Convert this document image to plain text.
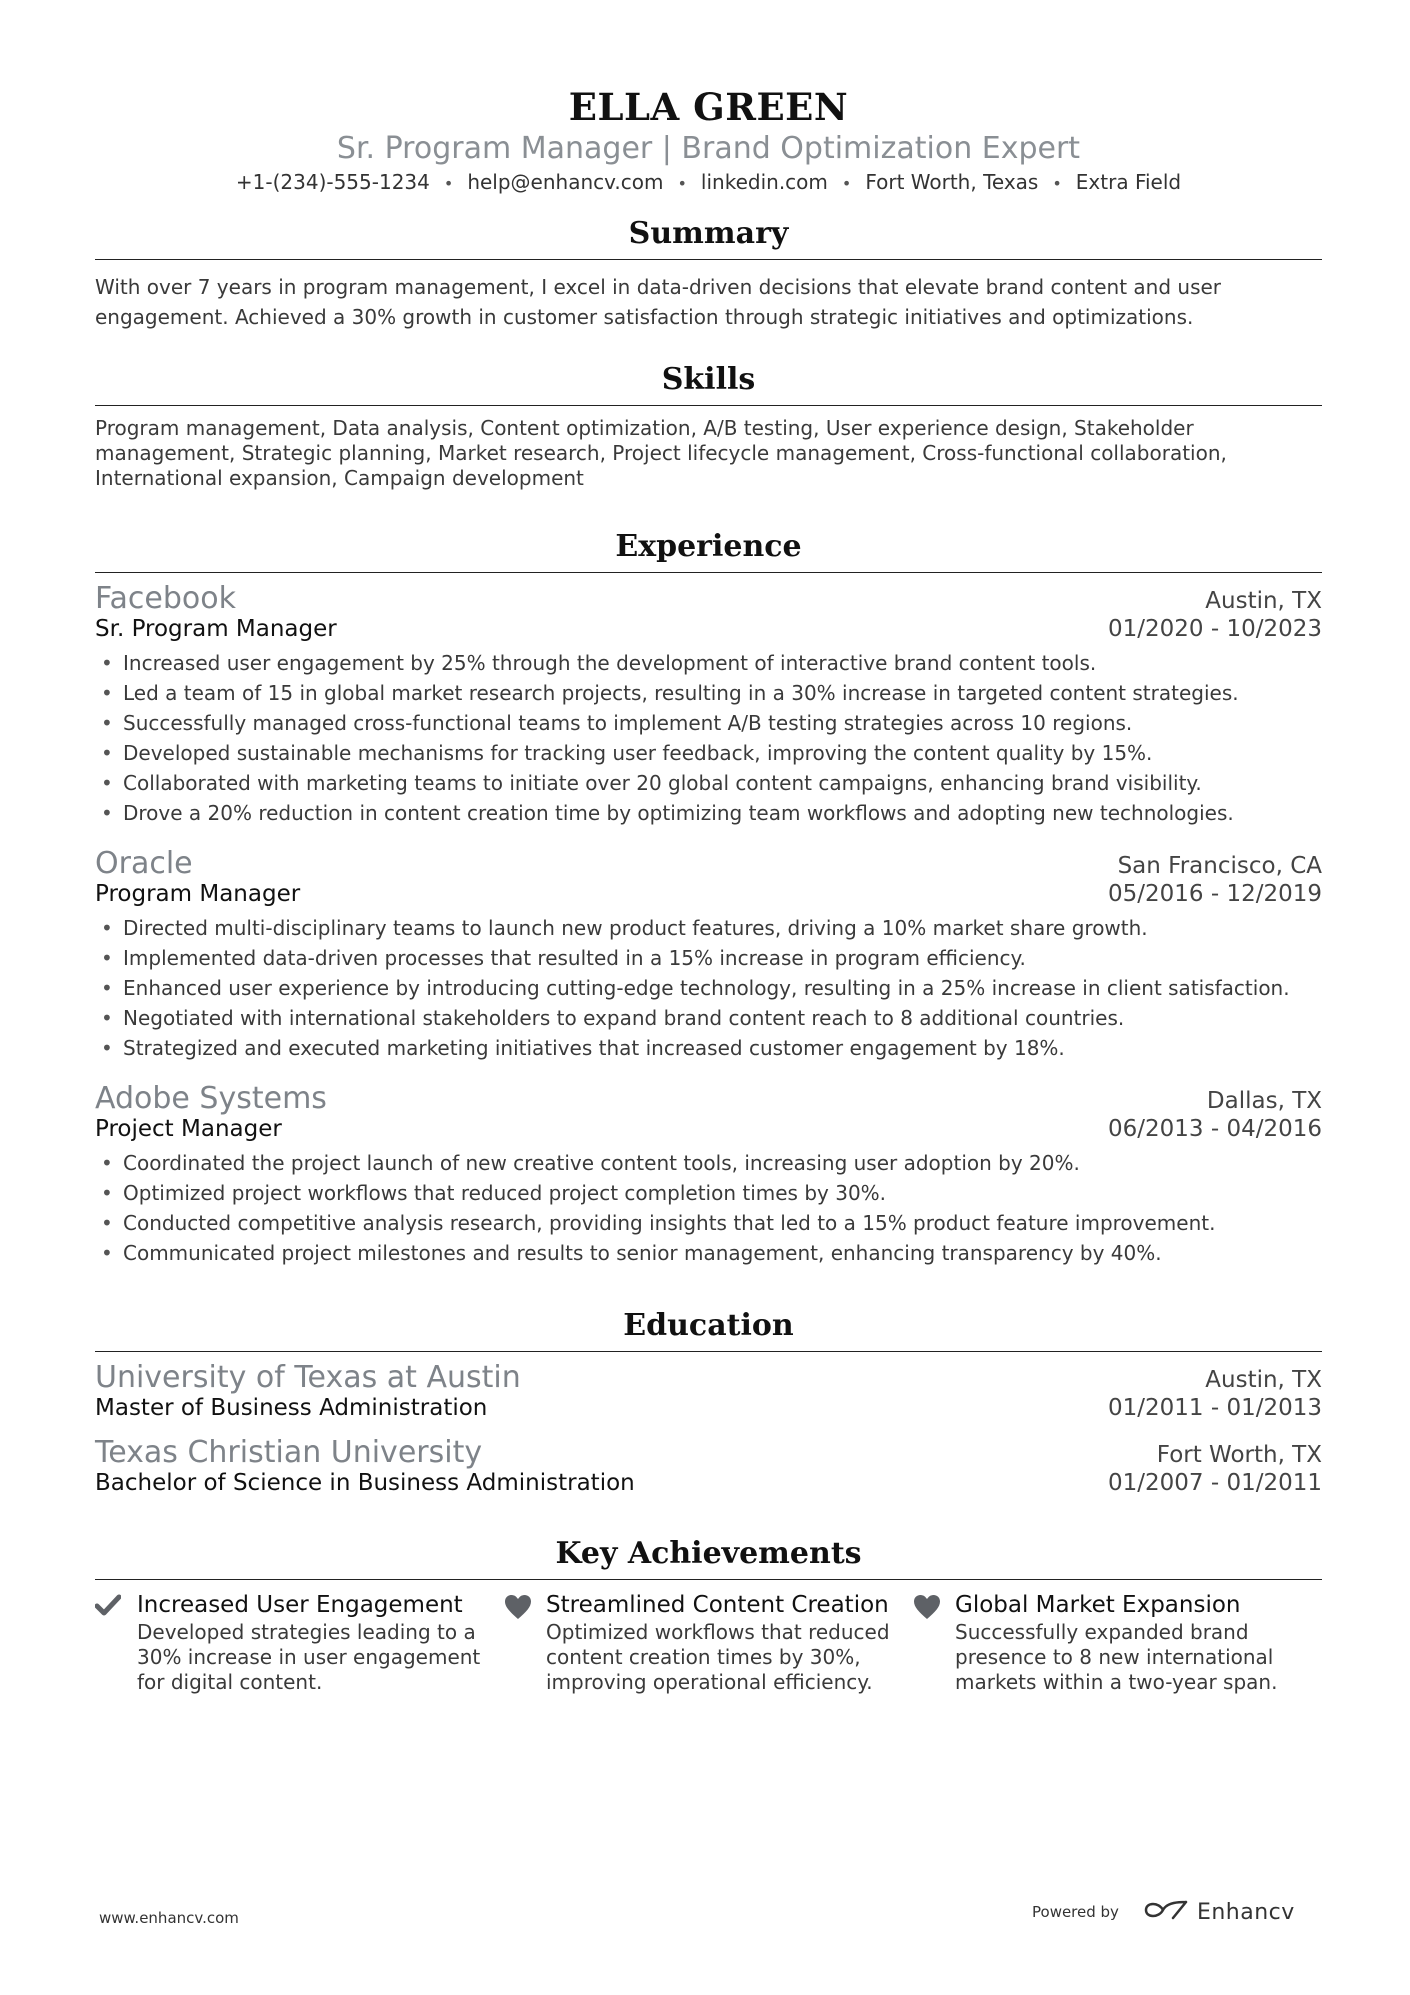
ELLA GREEN
Sr. Program Manager | Brand Optimization Expert
+1-(234)-555-1234 • help@enhancv.com • linkedin.com • Fort Worth, Texas • Extra Field
Summary
With over 7 years in program management, I excel in data-driven decisions that elevate brand content and user engagement. Achieved a 30% growth in customer satisfaction through strategic initiatives and optimizations.
Skills
Program management, Data analysis, Content optimization, A/B testing, User experience design, Stakeholder management, Strategic planning, Market research, Project lifecycle management, Cross-functional collaboration, International expansion, Campaign development
Experience
Facebook	Austin, TX
Sr. Program Manager	01/2020 - 10/2023
• Increased user engagement by 25% through the development of interactive brand content tools.
• Led a team of 15 in global market research projects, resulting in a 30% increase in targeted content strategies.
• Successfully managed cross-functional teams to implement A/B testing strategies across 10 regions.
• Developed sustainable mechanisms for tracking user feedback, improving the content quality by 15%.
• Collaborated with marketing teams to initiate over 20 global content campaigns, enhancing brand visibility.
• Drove a 20% reduction in content creation time by optimizing team workflows and adopting new technologies.
Oracle	San Francisco, CA
Program Manager	05/2016 - 12/2019
• Directed multi-disciplinary teams to launch new product features, driving a 10% market share growth.
• Implemented data-driven processes that resulted in a 15% increase in program efficiency.
• Enhanced user experience by introducing cutting-edge technology, resulting in a 25% increase in client satisfaction.
• Negotiated with international stakeholders to expand brand content reach to 8 additional countries.
• Strategized and executed marketing initiatives that increased customer engagement by 18%.
Adobe Systems	Dallas, TX
Project Manager	06/2013 - 04/2016
• Coordinated the project launch of new creative content tools, increasing user adoption by 20%.
• Optimized project workflows that reduced project completion times by 30%.
• Conducted competitive analysis research, providing insights that led to a 15% product feature improvement.
• Communicated project milestones and results to senior management, enhancing transparency by 40%.
Education
University of Texas at Austin	Austin, TX
Master of Business Administration	01/2011 - 01/2013
Texas Christian University	Fort Worth, TX
Bachelor of Science in Business Administration	01/2007 - 01/2011
Key Achievements
Increased User Engagement
Developed strategies leading to a 30% increase in user engagement for digital content.
Streamlined Content Creation
Optimized workflows that reduced content creation times by 30%, improving operational efficiency.
Global Market Expansion
Successfully expanded brand presence to 8 new international markets within a two-year span.
www.enhancv.com	Powered by	Enhancv
